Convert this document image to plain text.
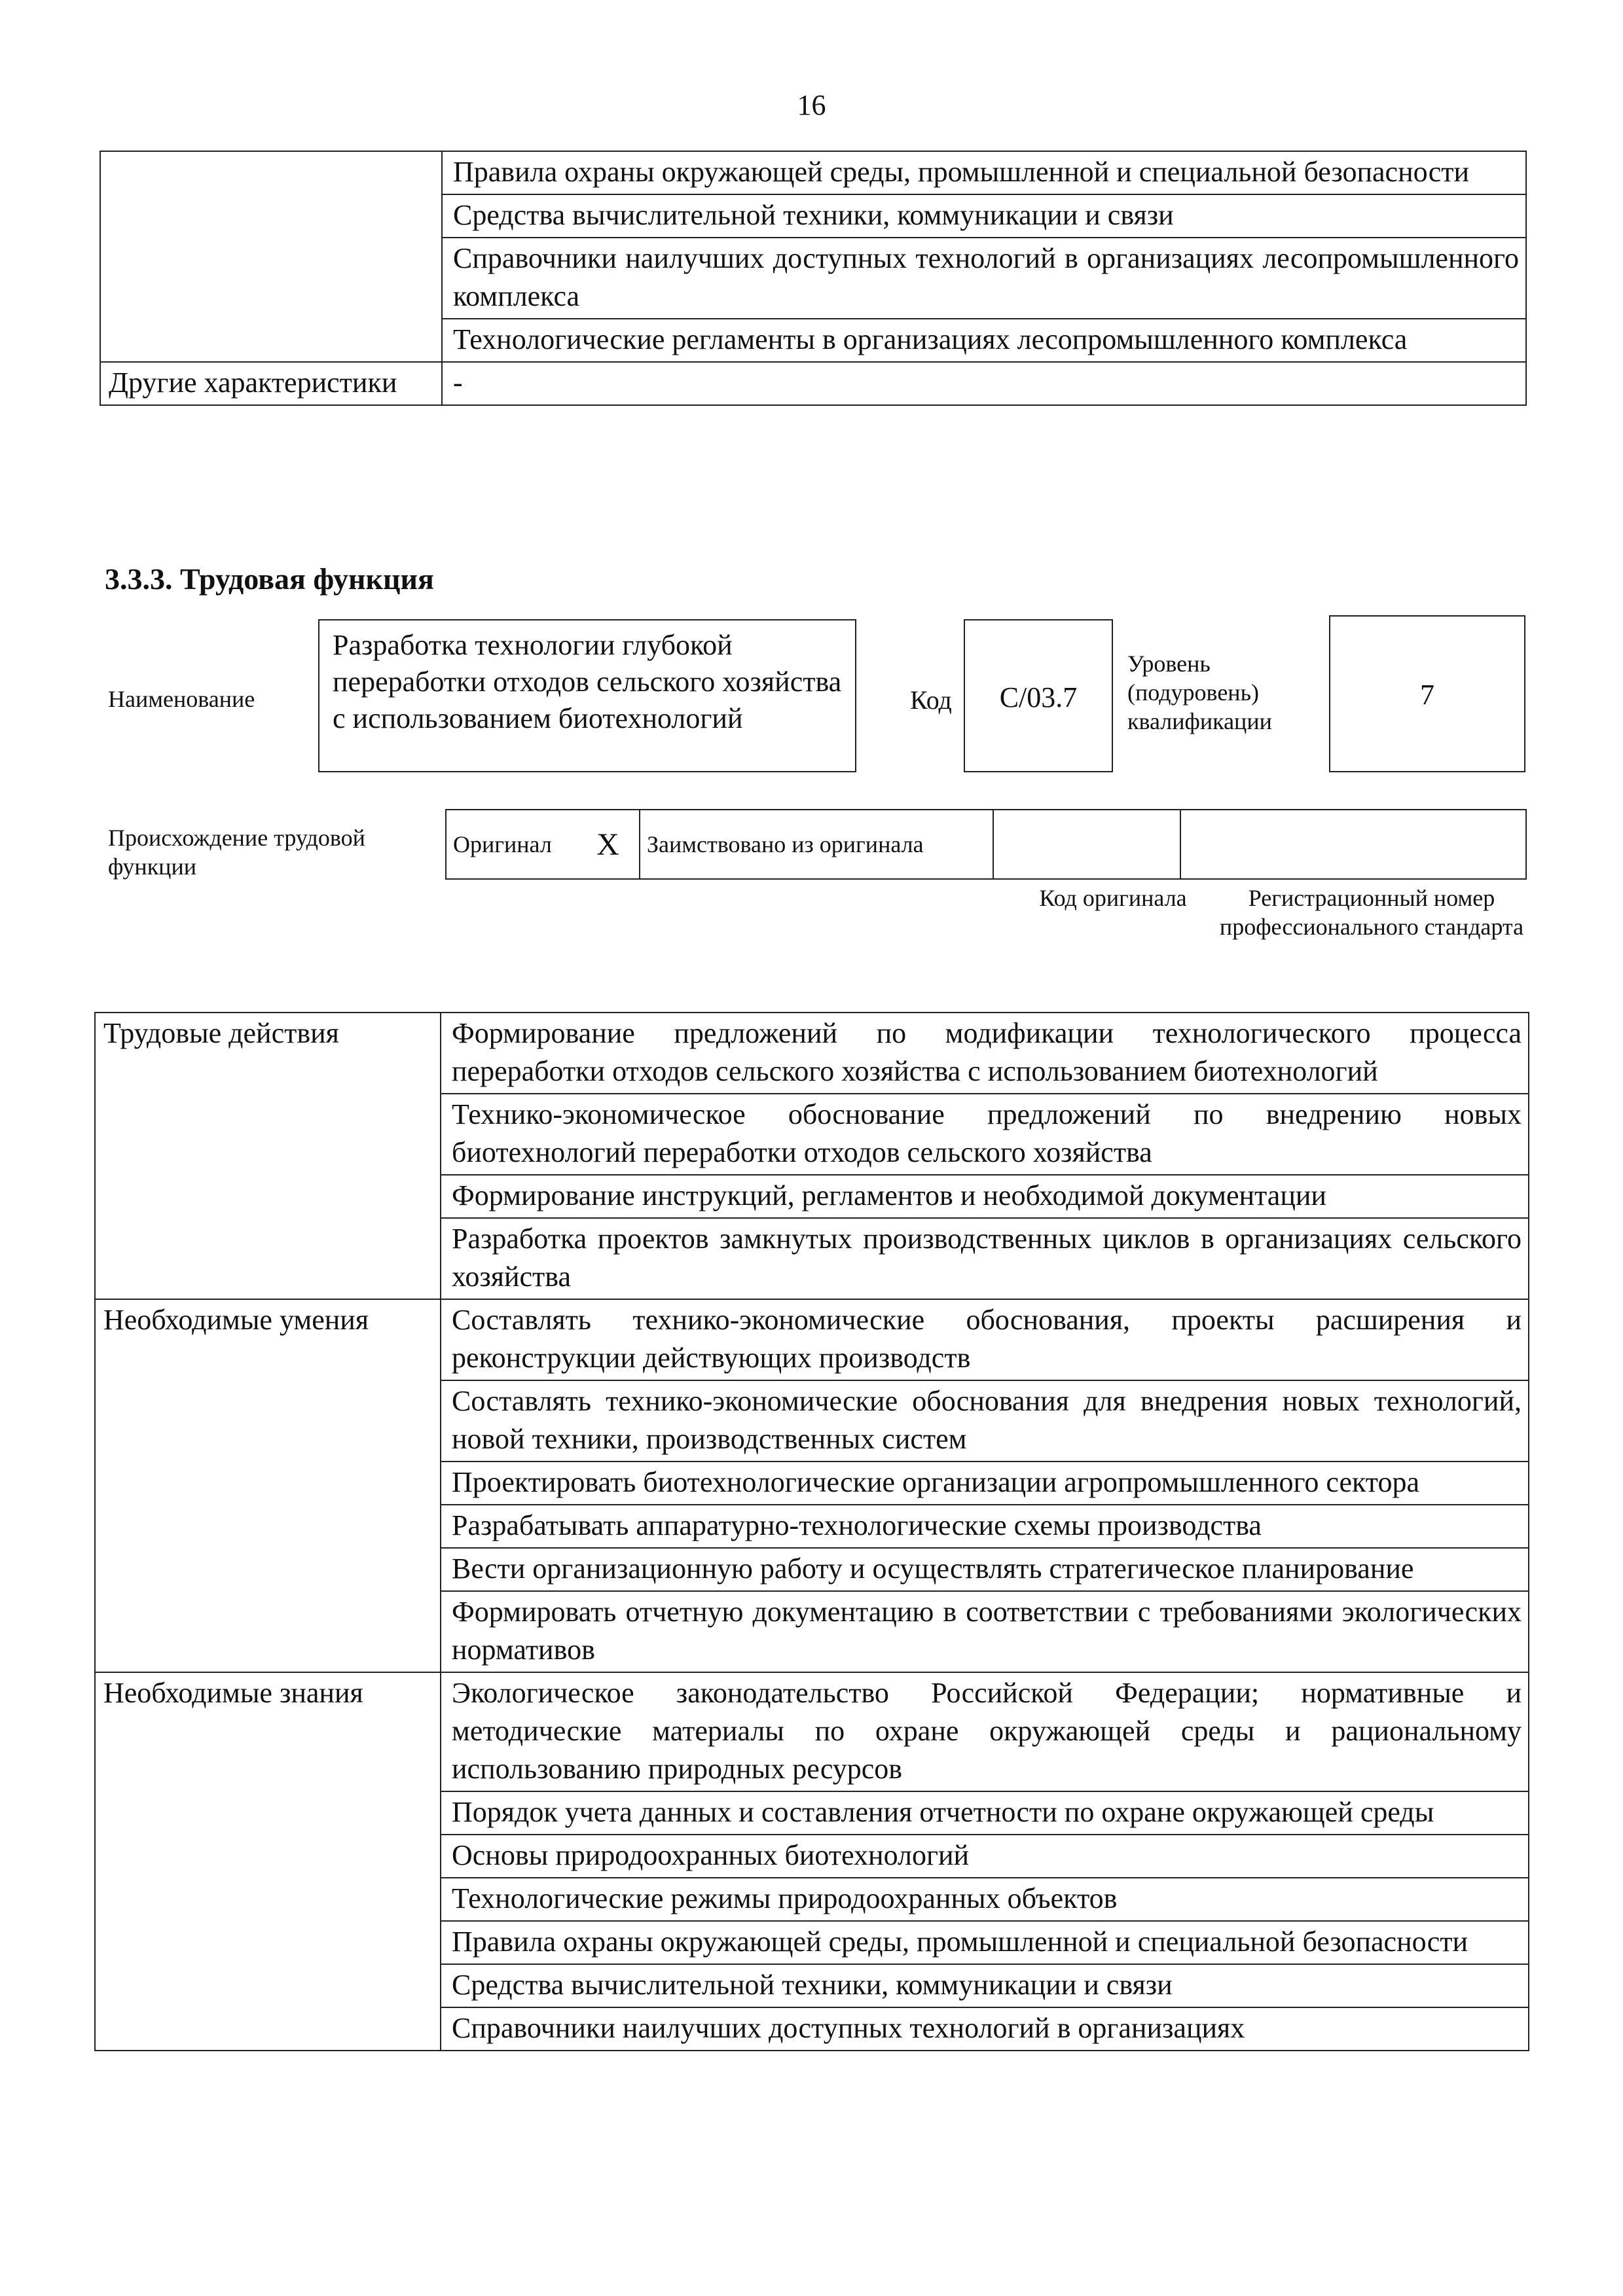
16
	Правила охраны окружающей среды, промышленной и специальной безопасности
	Средства вычислительной техники, коммуникации и связи
	Справочники наилучших доступных технологий в организациях лесопромышленного комплекса
	Технологические регламенты в организациях лесопромышленного комплекса
Другие характеристики	-
3.3.3. Трудовая функция
Наименование
Разработка технологии глубокой переработки отходов сельского хозяйства с использованием биотехнологий
Код	C/03.7
Уровень (подуровень) квалификации
7
Происхождение трудовой функции
Оригинал	X	Заимствовано из оригинала		
Код оригинала	Регистрационный номер профессионального стандарта
Трудовые действия	Формирование предложений по модификации технологического процесса переработки отходов сельского хозяйства с использованием биотехнологий
	Технико-экономическое обоснование предложений по внедрению новых биотехнологий переработки отходов сельского хозяйства
	Формирование инструкций, регламентов и необходимой документации
	Разработка проектов замкнутых производственных циклов в организациях сельского хозяйства
Необходимые умения	Составлять технико-экономические обоснования, проекты расширения и реконструкции действующих производств
	Составлять технико-экономические обоснования для внедрения новых технологий, новой техники, производственных систем
	Проектировать биотехнологические организации агропромышленного сектора
	Разрабатывать аппаратурно-технологические схемы производства
	Вести организационную работу и осуществлять стратегическое планирование
	Формировать отчетную документацию в соответствии с требованиями экологических нормативов
Необходимые знания	Экологическое законодательство Российской Федерации; нормативные и методические материалы по охране окружающей среды и рациональному использованию природных ресурсов
	Порядок учета данных и составления отчетности по охране окружающей среды
	Основы природоохранных биотехнологий
	Технологические режимы природоохранных объектов
	Правила охраны окружающей среды, промышленной и специальной безопасности
	Средства вычислительной техники, коммуникации и связи
	Справочники наилучших доступных технологий в организациях
